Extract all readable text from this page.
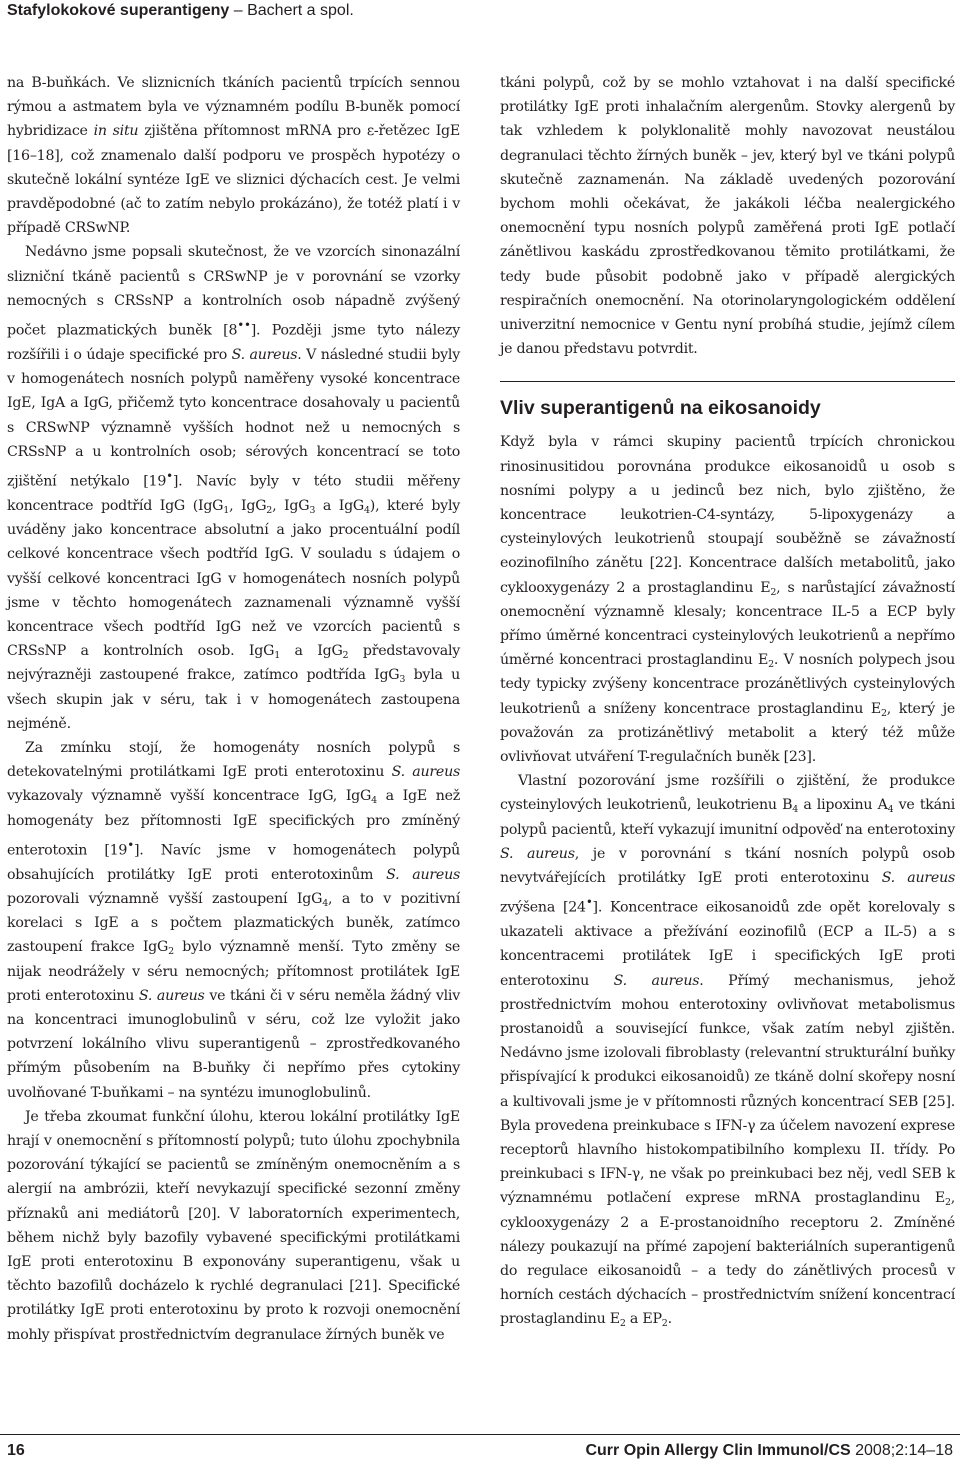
Stafylokokové superantigeny – Bachert a spol.

na B-buňkách. Ve sliznicních tkáních pacientů trpících sennou rýmou a astmatem byla ve významném podílu B-buněk pomocí hybridizace in situ zjištěna přítomnost mRNA pro ε-řetězec IgE [16–18], což znamenalo další podporu ve prospěch hypotézy o skutečně lokální syntéze IgE ve sliznici dýchacích cest. Je velmi pravděpodobné (ač to zatím nebylo prokázáno), že totéž platí i v případě CRSwNP.

Nedávno jsme popsali skutečnost, že ve vzorcích sinonazální slizniční tkáně pacientů s CRSwNP je v porovnání se vzorky nemocných s CRSsNP a kontrolních osob nápadně zvýšený počet plazmatických buněk [8••]. Později jsme tyto nálezy rozšířili i o údaje specifické pro S. aureus. V následné studii byly v homogenátech nosních polypů naměřeny vysoké koncentrace IgE, IgA a IgG, přičemž tyto koncentrace dosahovaly u pacientů s CRSwNP významně vyšších hodnot než u nemocných s CRSsNP a u kontrolních osob; sérových koncentrací se toto zjištění netýkalo [19•]. Navíc byly v této studii měřeny koncentrace podtříd IgG (IgG$_1$, IgG$_2$, IgG$_3$ a IgG$_4$), které byly uváděny jako koncentrace absolutní a jako procentuální podíl celkové koncentrace všech podtříd IgG. V souladu s údajem o vyšší celkové koncentraci IgG v homogenátech nosních polypů jsme v těchto homogenátech zaznamenali významně vyšší koncentrace všech podtříd IgG než ve vzorcích pacientů s CRSsNP a kontrolních osob. IgG$_1$ a IgG$_2$ představovaly nejvýrazněji zastoupené frakce, zatímco podtřída IgG$_3$ byla u všech skupin jak v séru, tak i v homogenátech zastoupena nejméně.

Za zmínku stojí, že homogenáty nosních polypů s detekovatelnými protilátkami IgE proti enterotoxinu S. aureus vykazovaly významně vyšší koncentrace IgG, IgG$_4$ a IgE než homogenáty bez přítomnosti IgE specifických pro zmíněný enterotoxin [19•]. Navíc jsme v homogenátech polypů obsahujících protilátky IgE proti enterotoxinům S. aureus pozorovali významně vyšší zastoupení IgG$_4$, a to v pozitivní korelaci s IgE a s počtem plazmatických buněk, zatímco zastoupení frakce IgG$_2$ bylo významně menší. Tyto změny se nijak neodrážely v séru nemocných; přítomnost protilátek IgE proti enterotoxinu S. aureus ve tkáni či v séru neměla žádný vliv na koncentraci imunoglobulinů v séru, což lze vyložit jako potvrzení lokálního vlivu superantigenů – zprostředkovaného přímým působením na B-buňky či nepřímo přes cytokiny uvolňované T-buňkami – na syntézu imunoglobulinů.

Je třeba zkoumat funkční úlohu, kterou lokální protilátky IgE hrají v onemocnění s přítomností polypů; tuto úlohu zpochybnila pozorování týkající se pacientů se zmíněným onemocněním a s alergií na ambrózii, kteří nevykazují specifické sezonní změny příznaků ani mediátorů [20]. V laboratorních experimentech, během nichž byly bazofily vybavené specifickými protilátkami IgE proti enterotoxinu B exponovány superantigenu, však u těchto bazofilů docházelo k rychlé degranulaci [21]. Specifické protilátky IgE proti enterotoxinu by proto k rozvoji onemocnění mohly přispívat prostřednictvím degranulace žírných buněk ve

tkáni polypů, což by se mohlo vztahovat i na další specifické protilátky IgE proti inhalačním alergenům. Stovky alergenů by tak vzhledem k polyklonalitě mohly navozovat neustálou degranulaci těchto žírných buněk – jev, který byl ve tkáni polypů skutečně zaznamenán. Na základě uvedených pozorování bychom mohli očekávat, že jakákoli léčba nealergického onemocnění typu nosních polypů zaměřená proti IgE potlačí zánětlivou kaskádu zprostředkovanou těmito protilátkami, že tedy bude působit podobně jako v případě alergických respiračních onemocnění. Na otorinolaryngologickém oddělení univerzitní nemocnice v Gentu nyní probíhá studie, jejímž cílem je danou představu potvrdit.

Vliv superantigenů na eikosanoidy

Když byla v rámci skupiny pacientů trpících chronickou rinosinusitidou porovnána produkce eikosanoidů u osob s nosními polypy a u jedinců bez nich, bylo zjištěno, že koncentrace leukotrien-C4-syntázy, 5-lipoxygenázy a cysteinylových leukotrienů stoupají souběžně se závažností eozinofilního zánětu [22]. Koncentrace dalších metabolitů, jako cyklooxygenázy 2 a prostaglandinu $E_2$, s narůstající závažností onemocnění významně klesaly; koncentrace IL-5 a ECP byly přímo úměrné koncentraci cysteinylových leukotrienů a nepřímo úměrné koncentraci prostaglandinu $E_2$. V nosních polypech jsou tedy typicky zvýšeny koncentrace prozánětlivých cysteinylových leukotrienů a sníženy koncentrace prostaglandinu $E_2$, který je považován za protizánětlivý metabolit a který též může ovlivňovat utváření T-regulačních buněk [23].

Vlastní pozorování jsme rozšířili o zjištění, že produkce cysteinylových leukotrienů, leukotrienu $B_4$ a lipoxinu $A_4$ ve tkáni polypů pacientů, kteří vykazují imunitní odpověď na enterotoxiny S. aureus, je v porovnání s tkání nosních polypů osob nevytvářejících protilátky IgE proti enterotoxinu S. aureus zvýšena [24•]. Koncentrace eikosanoidů zde opět korelovaly s ukazateli aktivace a přežívání eozinofilů (ECP a IL-5) a s koncentracemi protilátek IgE i specifických IgE proti enterotoxinu S. aureus. Přímý mechanismus, jehož prostřednictvím mohou enterotoxiny ovlivňovat metabolismus prostanoidů a související funkce, však zatím nebyl zjištěn. Nedávno jsme izolovali fibroblasty (relevantní strukturální buňky přispívající k produkci eikosanoidů) ze tkáně dolní skořepy nosní a kultivovali jsme je v přítomnosti různých koncentrací SEB [25]. Byla provedena preinkubace s IFN-γ za účelem navození exprese receptorů hlavního histokompatibilního komplexu II. třídy. Po preinkubaci s IFN-γ, ne však po preinkubaci bez něj, vedl SEB k významnému potlačení exprese mRNA prostaglandinu $E_2$, cyklooxygenázy 2 a E-prostanoidního receptoru 2. Zmíněné nálezy poukazují na přímé zapojení bakteriálních superantigenů do regulace eikosanoidů – a tedy do zánětlivých procesů v horních cestách dýchacích – prostřednictvím snížení koncentrací prostaglandinu $E_2$ a $EP_2$.

16	Curr Opin Allergy Clin Immunol/CS 2008;2:14–18
